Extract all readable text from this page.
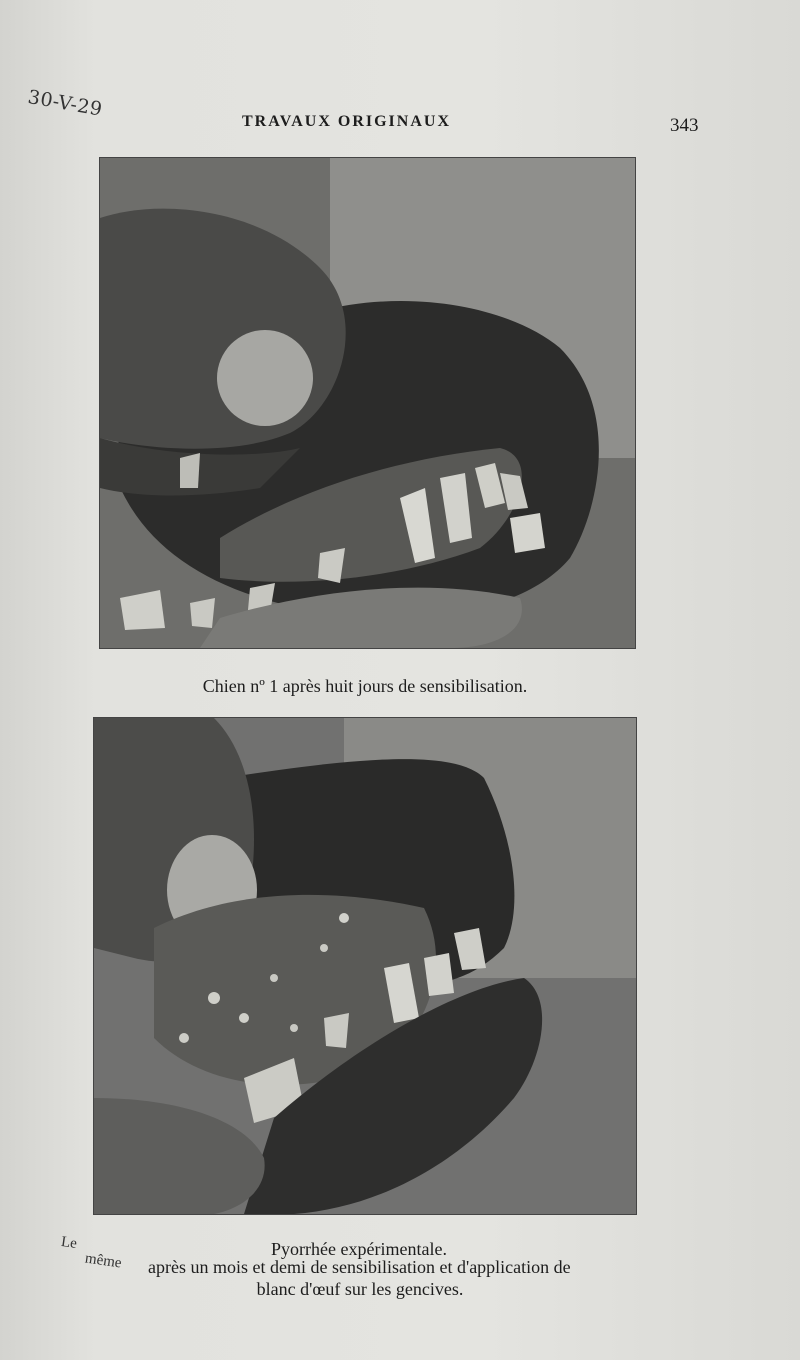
30-V-29
TRAVAUX ORIGINAUX	343
Chien nº 1 après huit jours de sensibilisation.
Pyorrhée expérimentale.
Le
même après un mois et demi de sensibilisation et d'application de
blanc d'œuf sur les gencives.
